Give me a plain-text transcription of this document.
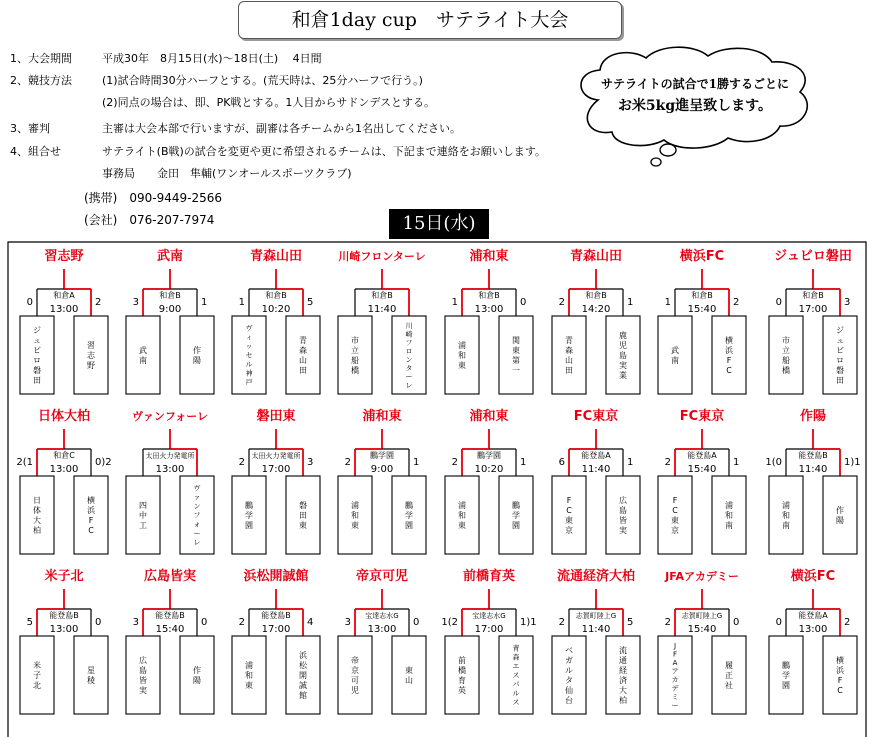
和倉1day cup　サテライト大会
サテライトの試合で1勝するごとに
お米5kg進呈致します。
1、大会期間	平成30年　8月15日(水)～18日(土)　 4日間
2、競技方法	(1)試合時間30分ハーフとする。(荒天時は、25分ハーフで行う。)
(2)同点の場合は、即、PK戦とする。1人目からサドンデスとする。
3、審判	主審は大会本部で行いますが、副審は各チームから1名出してください。
4、組合せ	サテライト(B戦)の試合を変更や更に希望されるチームは、下記まで連絡をお願いします。
事務局　　金田　隼輔(ワンオールスポーツクラブ)
(携帯)　090-9449-2566
(会社)　076-207-7974	15日(水)
習志野
和倉A
13:00
0	2
ジュビロ磐田
習志野
武南
和倉B
9:00
3	1
武南
作陽
青森山田
和倉B
10:20
1	5
ヴィッセル神戸
青森山田
川崎フロンターレ
和倉B
11:40
市立船橋
川崎フロンターレ
浦和東
和倉B
13:00
1	0
浦和東
関東第一
青森山田
和倉B
14:20
2	1
青森山田
鹿児島実業
横浜FC
和倉B
15:40
1	2
武南
横浜 F C
ジュビロ磐田
和倉B
17:00
0	3
市立船橋
ジュビロ磐田
日体大柏
和倉C
13:00
2(1	0)2
日体大柏
横浜 F C
ヴァンフォーレ
太田火力発電所
13:00
四中工
ヴァンフォーレ
磐田東
太田火力発電所
17:00
2	3
鵬学園
磐田東
浦和東
鵬学園
9:00
2	1
浦和東
鵬学園
浦和東
鵬学園
10:20
2	1
浦和東
鵬学園
FC東京
能登島A
11:40
6	1
F C 東京
広島皆実
FC東京
能登島A
15:40
2	1
F C 東京
浦和南
作陽
能登島B
11:40
1(0	1)1
浦和南
作陽
米子北
能登島B
13:00
5	0
米子北
星稜
広島皆実
能登島B
15:40
3	0
広島皆実
作陽
浜松開誠館
能登島B
17:00
2	4
浦和東
浜松開誠館
帝京可児
宝達志水G
13:00
3	0
帝京可児
東山
前橋育英
宝達志水G
17:00
1(2	1)1
前橋育英
青森エスパルス
流通経済大柏
志賀町陸上G
11:40
2	5
ベガルタ仙台
流通経済大柏
JFAアカデミー
志賀町陸上G
15:40
2	0
J F A アカデミー
履正社
横浜FC
能登島A
13:00
0	2
鵬学園
横浜 F C
